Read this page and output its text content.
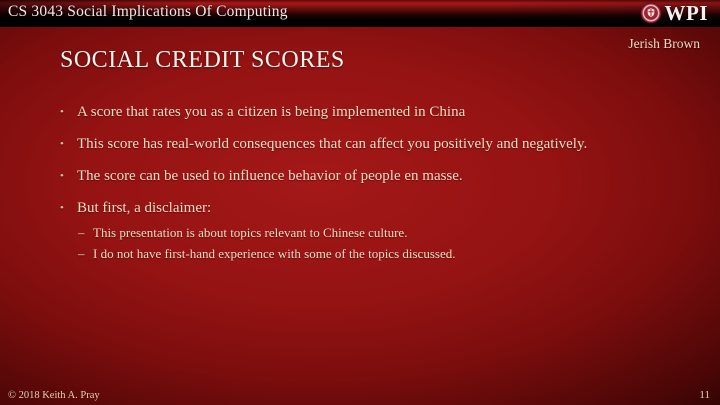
CS 3043 Social Implications Of Computing	WPI
Jerish Brown
SOCIAL CREDIT SCORES
• A score that rates you as a citizen is being implemented in China
• This score has real-world consequences that can affect you positively and negatively.
• The score can be used to influence behavior of people en masse.
• But first, a disclaimer:
– This presentation is about topics relevant to Chinese culture.
– I do not have first-hand experience with some of the topics discussed.
© 2018 Keith A. Pray	11
